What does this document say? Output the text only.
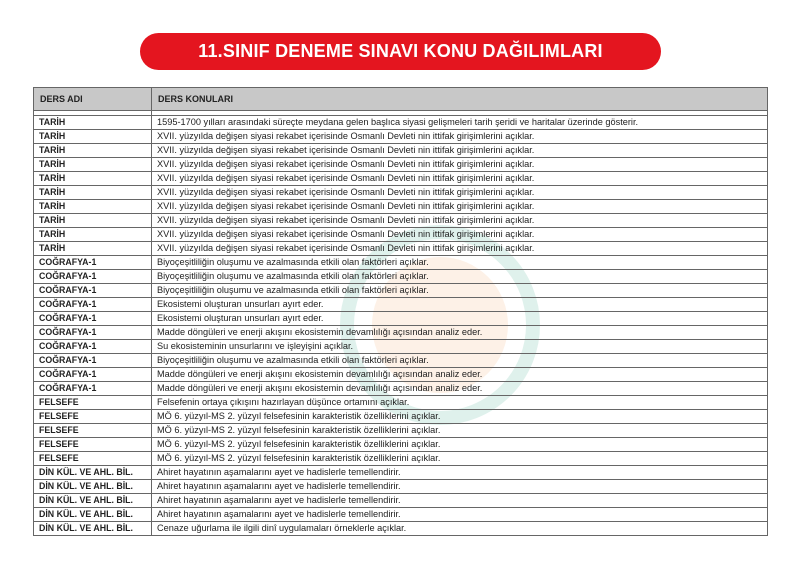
11.SINIF DENEME SINAVI KONU DAĞILIMLARI
DERS ADI	DERS KONULARI

TARİH	1595-1700 yılları arasındaki süreçte meydana gelen başlıca siyasi gelişmeleri tarih şeridi ve haritalar üzerinde gösterir.
TARİH	XVII. yüzyılda değişen siyasi rekabet içerisinde Osmanlı Devleti nin ittifak girişimlerini açıklar.
TARİH	XVII. yüzyılda değişen siyasi rekabet içerisinde Osmanlı Devleti nin ittifak girişimlerini açıklar.
TARİH	XVII. yüzyılda değişen siyasi rekabet içerisinde Osmanlı Devleti nin ittifak girişimlerini açıklar.
TARİH	XVII. yüzyılda değişen siyasi rekabet içerisinde Osmanlı Devleti nin ittifak girişimlerini açıklar.
TARİH	XVII. yüzyılda değişen siyasi rekabet içerisinde Osmanlı Devleti nin ittifak girişimlerini açıklar.
TARİH	XVII. yüzyılda değişen siyasi rekabet içerisinde Osmanlı Devleti nin ittifak girişimlerini açıklar.
TARİH	XVII. yüzyılda değişen siyasi rekabet içerisinde Osmanlı Devleti nin ittifak girişimlerini açıklar.
TARİH	XVII. yüzyılda değişen siyasi rekabet içerisinde Osmanlı Devleti nin ittifak girişimlerini açıklar.
TARİH	XVII. yüzyılda değişen siyasi rekabet içerisinde Osmanlı Devleti nin ittifak girişimlerini açıklar.
COĞRAFYA-1	Biyoçeşitliliğin oluşumu ve azalmasında etkili olan faktörleri açıklar.
COĞRAFYA-1	Biyoçeşitliliğin oluşumu ve azalmasında etkili olan faktörleri açıklar.
COĞRAFYA-1	Biyoçeşitliliğin oluşumu ve azalmasında etkili olan faktörleri açıklar.
COĞRAFYA-1	Ekosistemi oluşturan unsurları ayırt eder.
COĞRAFYA-1	Ekosistemi oluşturan unsurları ayırt eder.
COĞRAFYA-1	Madde döngüleri ve enerji akışını ekosistemin devamlılığı açısından analiz eder.
COĞRAFYA-1	Su ekosisteminin unsurlarını ve işleyişini açıklar.
COĞRAFYA-1	Biyoçeşitliliğin oluşumu ve azalmasında etkili olan faktörleri açıklar.
COĞRAFYA-1	Madde döngüleri ve enerji akışını ekosistemin devamlılığı açısından analiz eder.
COĞRAFYA-1	Madde döngüleri ve enerji akışını ekosistemin devamlılığı açısından analiz eder.
FELSEFE	Felsefenin ortaya çıkışını hazırlayan düşünce ortamını açıklar.
FELSEFE	MÖ 6. yüzyıl-MS 2. yüzyıl felsefesinin karakteristik özelliklerini açıklar.
FELSEFE	MÖ 6. yüzyıl-MS 2. yüzyıl felsefesinin karakteristik özelliklerini açıklar.
FELSEFE	MÖ 6. yüzyıl-MS 2. yüzyıl felsefesinin karakteristik özelliklerini açıklar.
FELSEFE	MÖ 6. yüzyıl-MS 2. yüzyıl felsefesinin karakteristik özelliklerini açıklar.
DİN KÜL. VE AHL. BİL.	Ahiret hayatının aşamalarını ayet ve hadislerle temellendirir.
DİN KÜL. VE AHL. BİL.	Ahiret hayatının aşamalarını ayet ve hadislerle temellendirir.
DİN KÜL. VE AHL. BİL.	Ahiret hayatının aşamalarını ayet ve hadislerle temellendirir.
DİN KÜL. VE AHL. BİL.	Ahiret hayatının aşamalarını ayet ve hadislerle temellendirir.
DİN KÜL. VE AHL. BİL.	Cenaze uğurlama ile ilgili dinî uygulamaları örneklerle açıklar.
